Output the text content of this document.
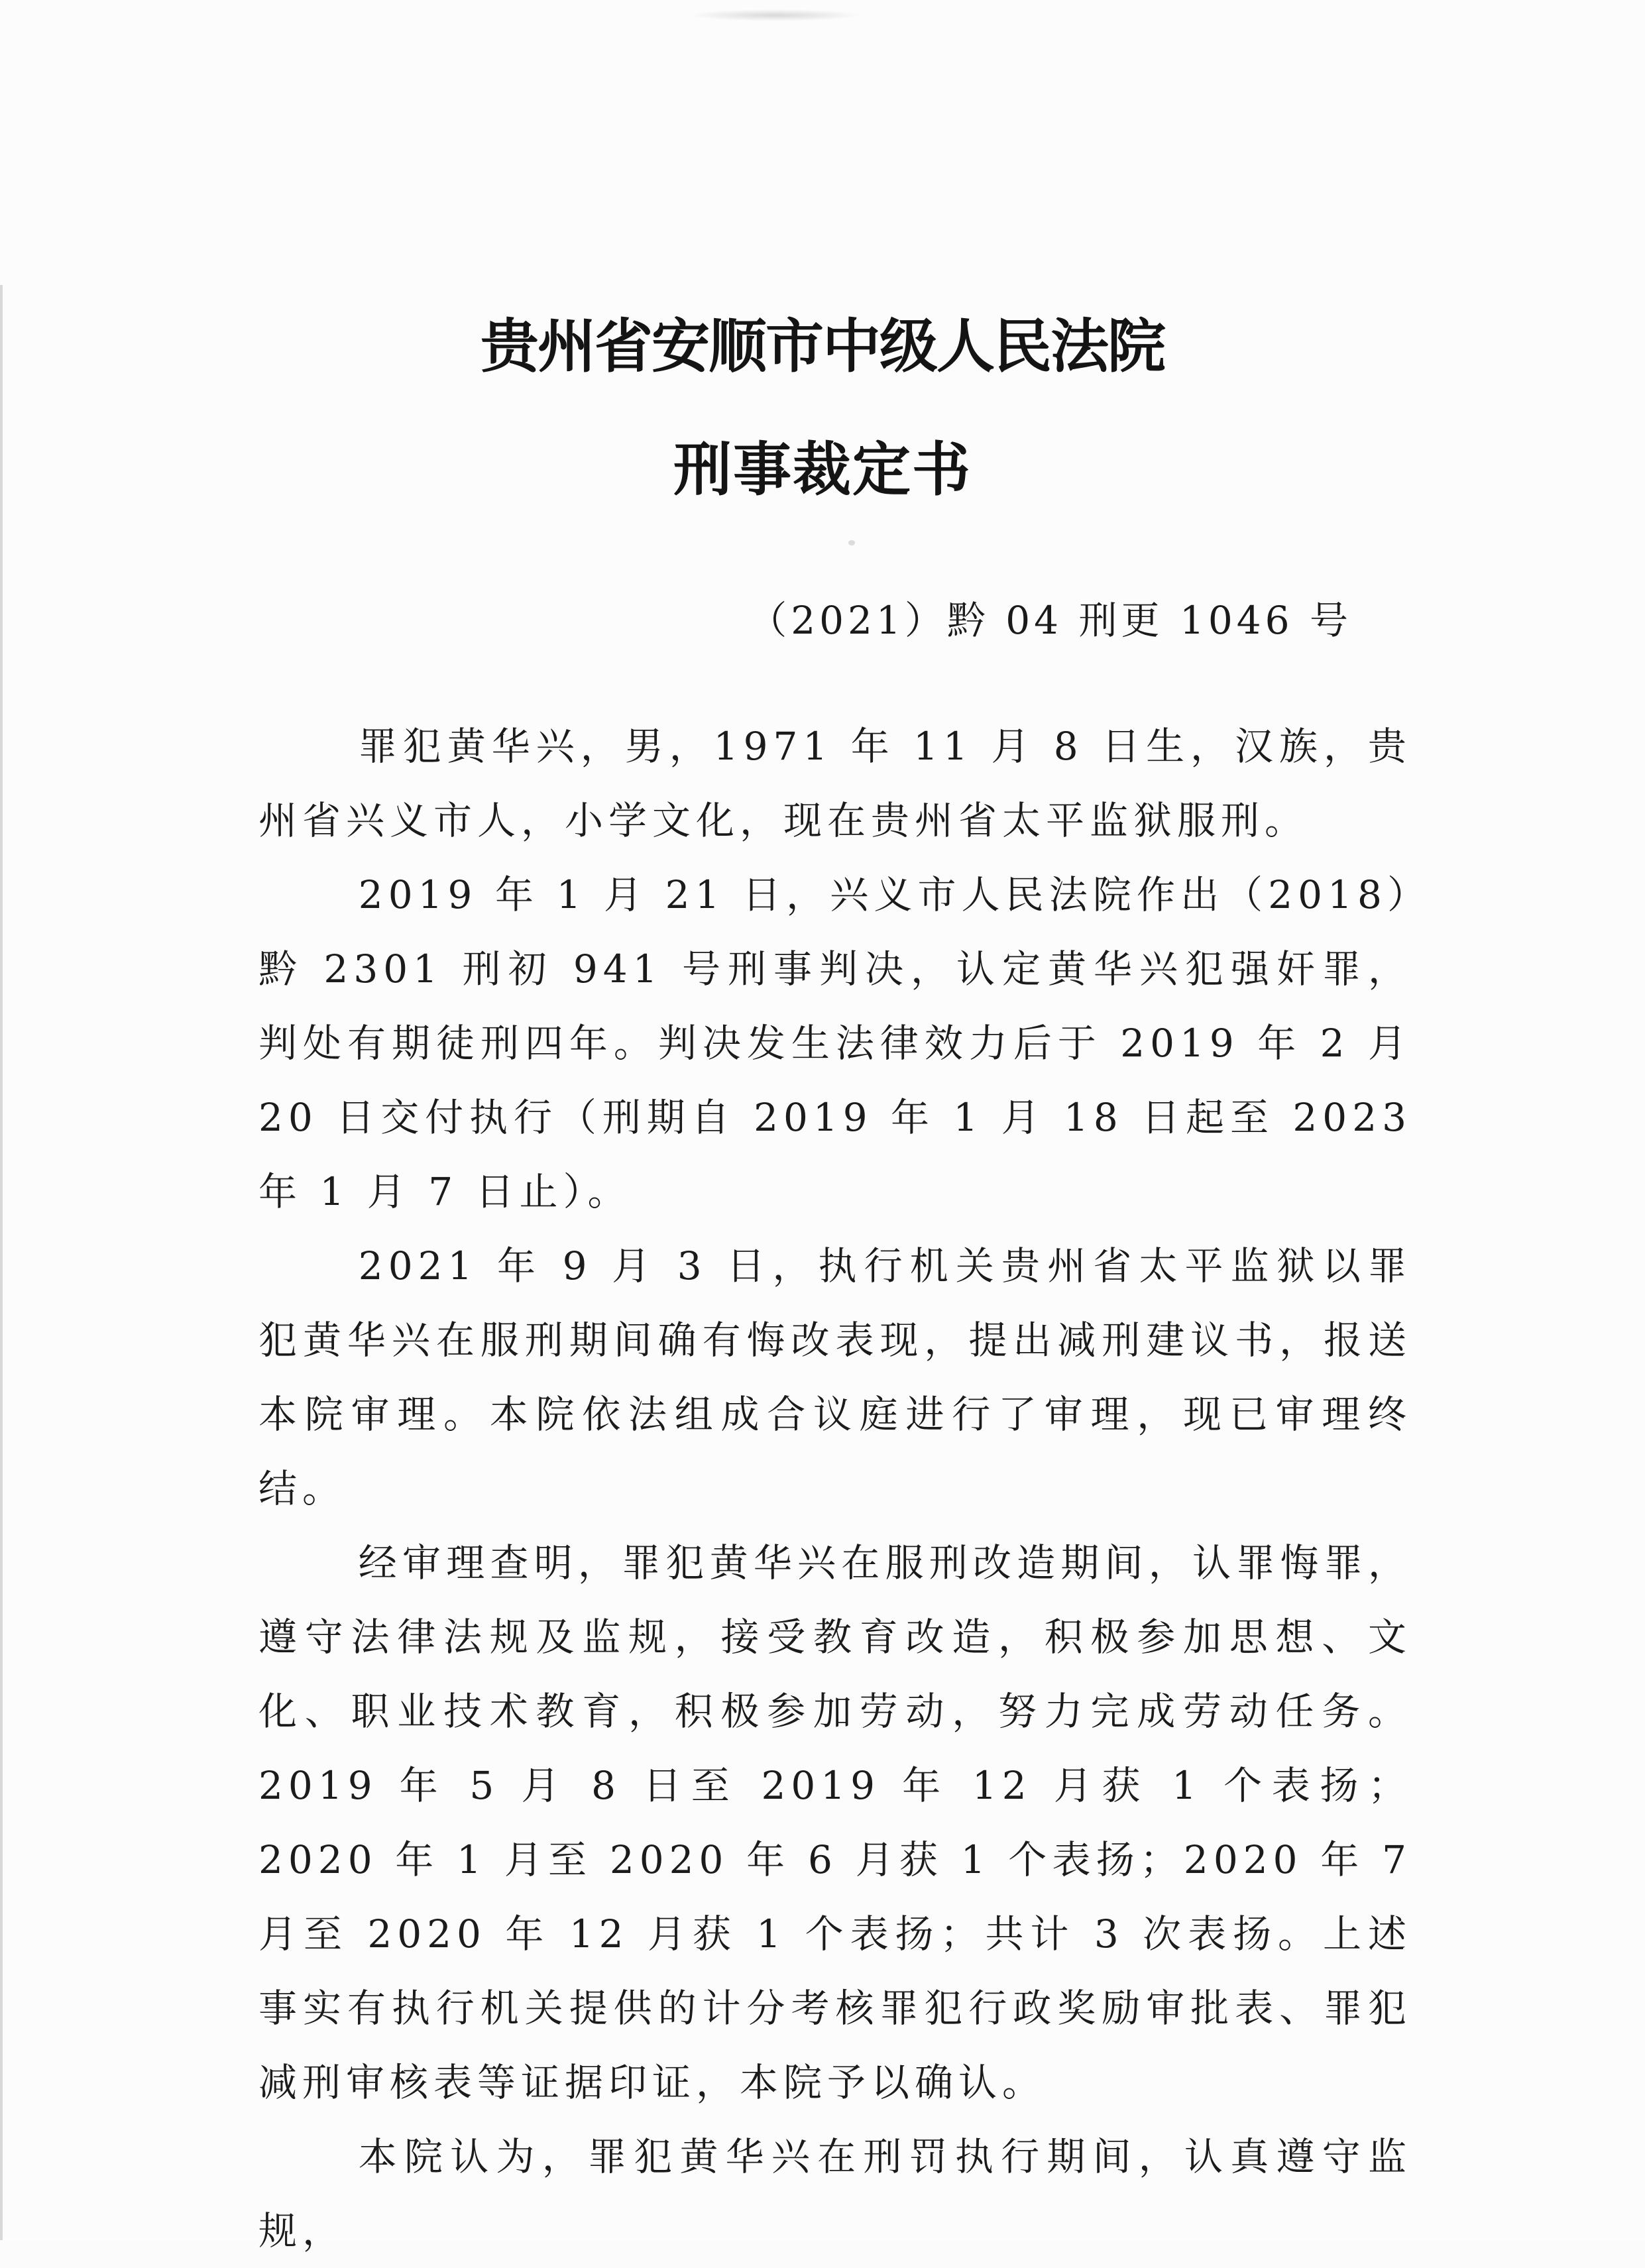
贵州省安顺市中级人民法院
刑事裁定书
（2021）黔 04 刑更 1046 号

罪犯黄华兴，男，1971 年 11 月 8 日生，汉族，贵州省兴义市人，小学文化，现在贵州省太平监狱服刑。

2019 年 1 月 21 日，兴义市人民法院作出（2018）黔 2301 刑初 941 号刑事判决，认定黄华兴犯强奸罪，判处有期徒刑四年。判决发生法律效力后于 2019 年 2 月 20 日交付执行（刑期自 2019 年 1 月 18 日起至 2023 年 1 月 7 日止）。

2021 年 9 月 3 日，执行机关贵州省太平监狱以罪犯黄华兴在服刑期间确有悔改表现，提出减刑建议书，报送本院审理。本院依法组成合议庭进行了审理，现已审理终结。

经审理查明，罪犯黄华兴在服刑改造期间，认罪悔罪，遵守法律法规及监规，接受教育改造，积极参加思想、文化、职业技术教育，积极参加劳动，努力完成劳动任务。2019 年 5 月 8 日至 2019 年 12 月获 1 个表扬；2020 年 1 月至 2020 年 6 月获 1 个表扬；2020 年 7 月至 2020 年 12 月获 1 个表扬；共计 3 次表扬。上述事实有执行机关提供的计分考核罪犯行政奖励审批表、罪犯减刑审核表等证据印证，本院予以确认。

本院认为，罪犯黄华兴在刑罚执行期间，认真遵守监规，
